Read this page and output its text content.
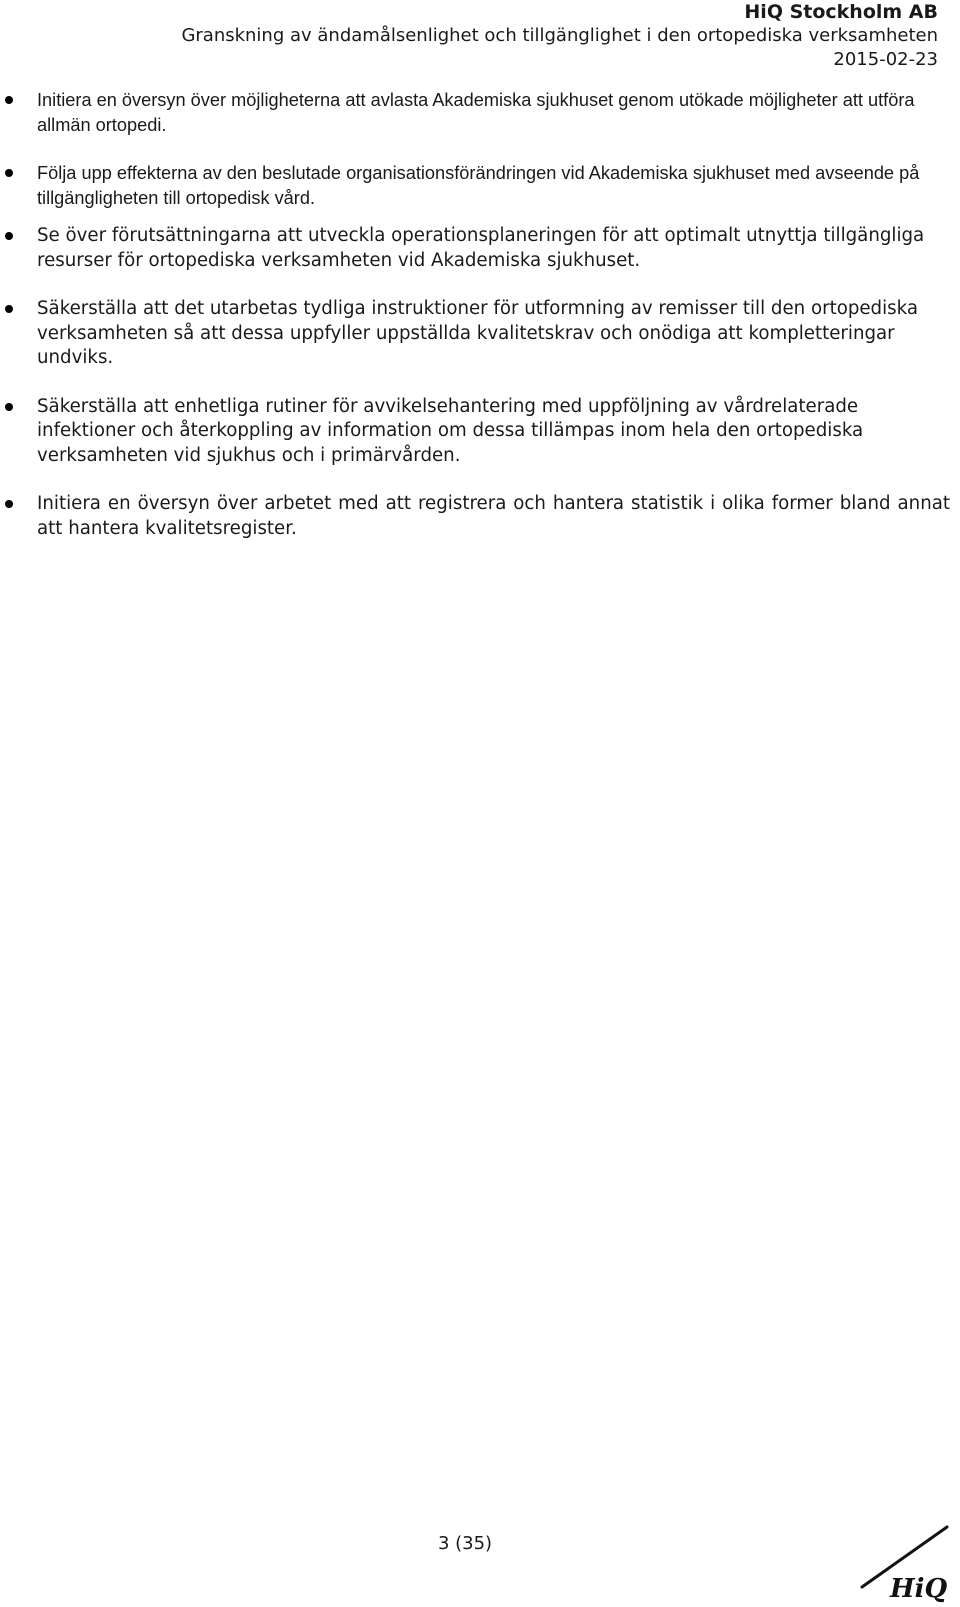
HiQ Stockholm AB
Granskning av ändamålsenlighet och tillgänglighet i den ortopediska verksamheten
2015-02-23
Initiera en översyn över möjligheterna att avlasta Akademiska sjukhuset genom utökade möjligheter att utföra allmän ortopedi.
Följa upp effekterna av den beslutade organisationsförändringen vid Akademiska sjukhuset med avseende på tillgängligheten till ortopedisk vård.
Se över förutsättningarna att utveckla operationsplaneringen för att optimalt utnyttja tillgängliga resurser för ortopediska verksamheten vid Akademiska sjukhuset.
Säkerställa att det utarbetas tydliga instruktioner för utformning av remisser till den ortopediska verksamheten så att dessa uppfyller uppställda kvalitetskrav och onödiga att kompletteringar undviks.
Säkerställa att enhetliga rutiner för avvikelsehantering med uppföljning av vårdrelaterade infektioner och återkoppling av information om dessa tillämpas inom hela den ortopediska verksamheten vid sjukhus och i primärvården.
Initiera en översyn över arbetet med att registrera och hantera statistik i olika former bland annat att hantera kvalitetsregister.
3 (35)
HiQ
